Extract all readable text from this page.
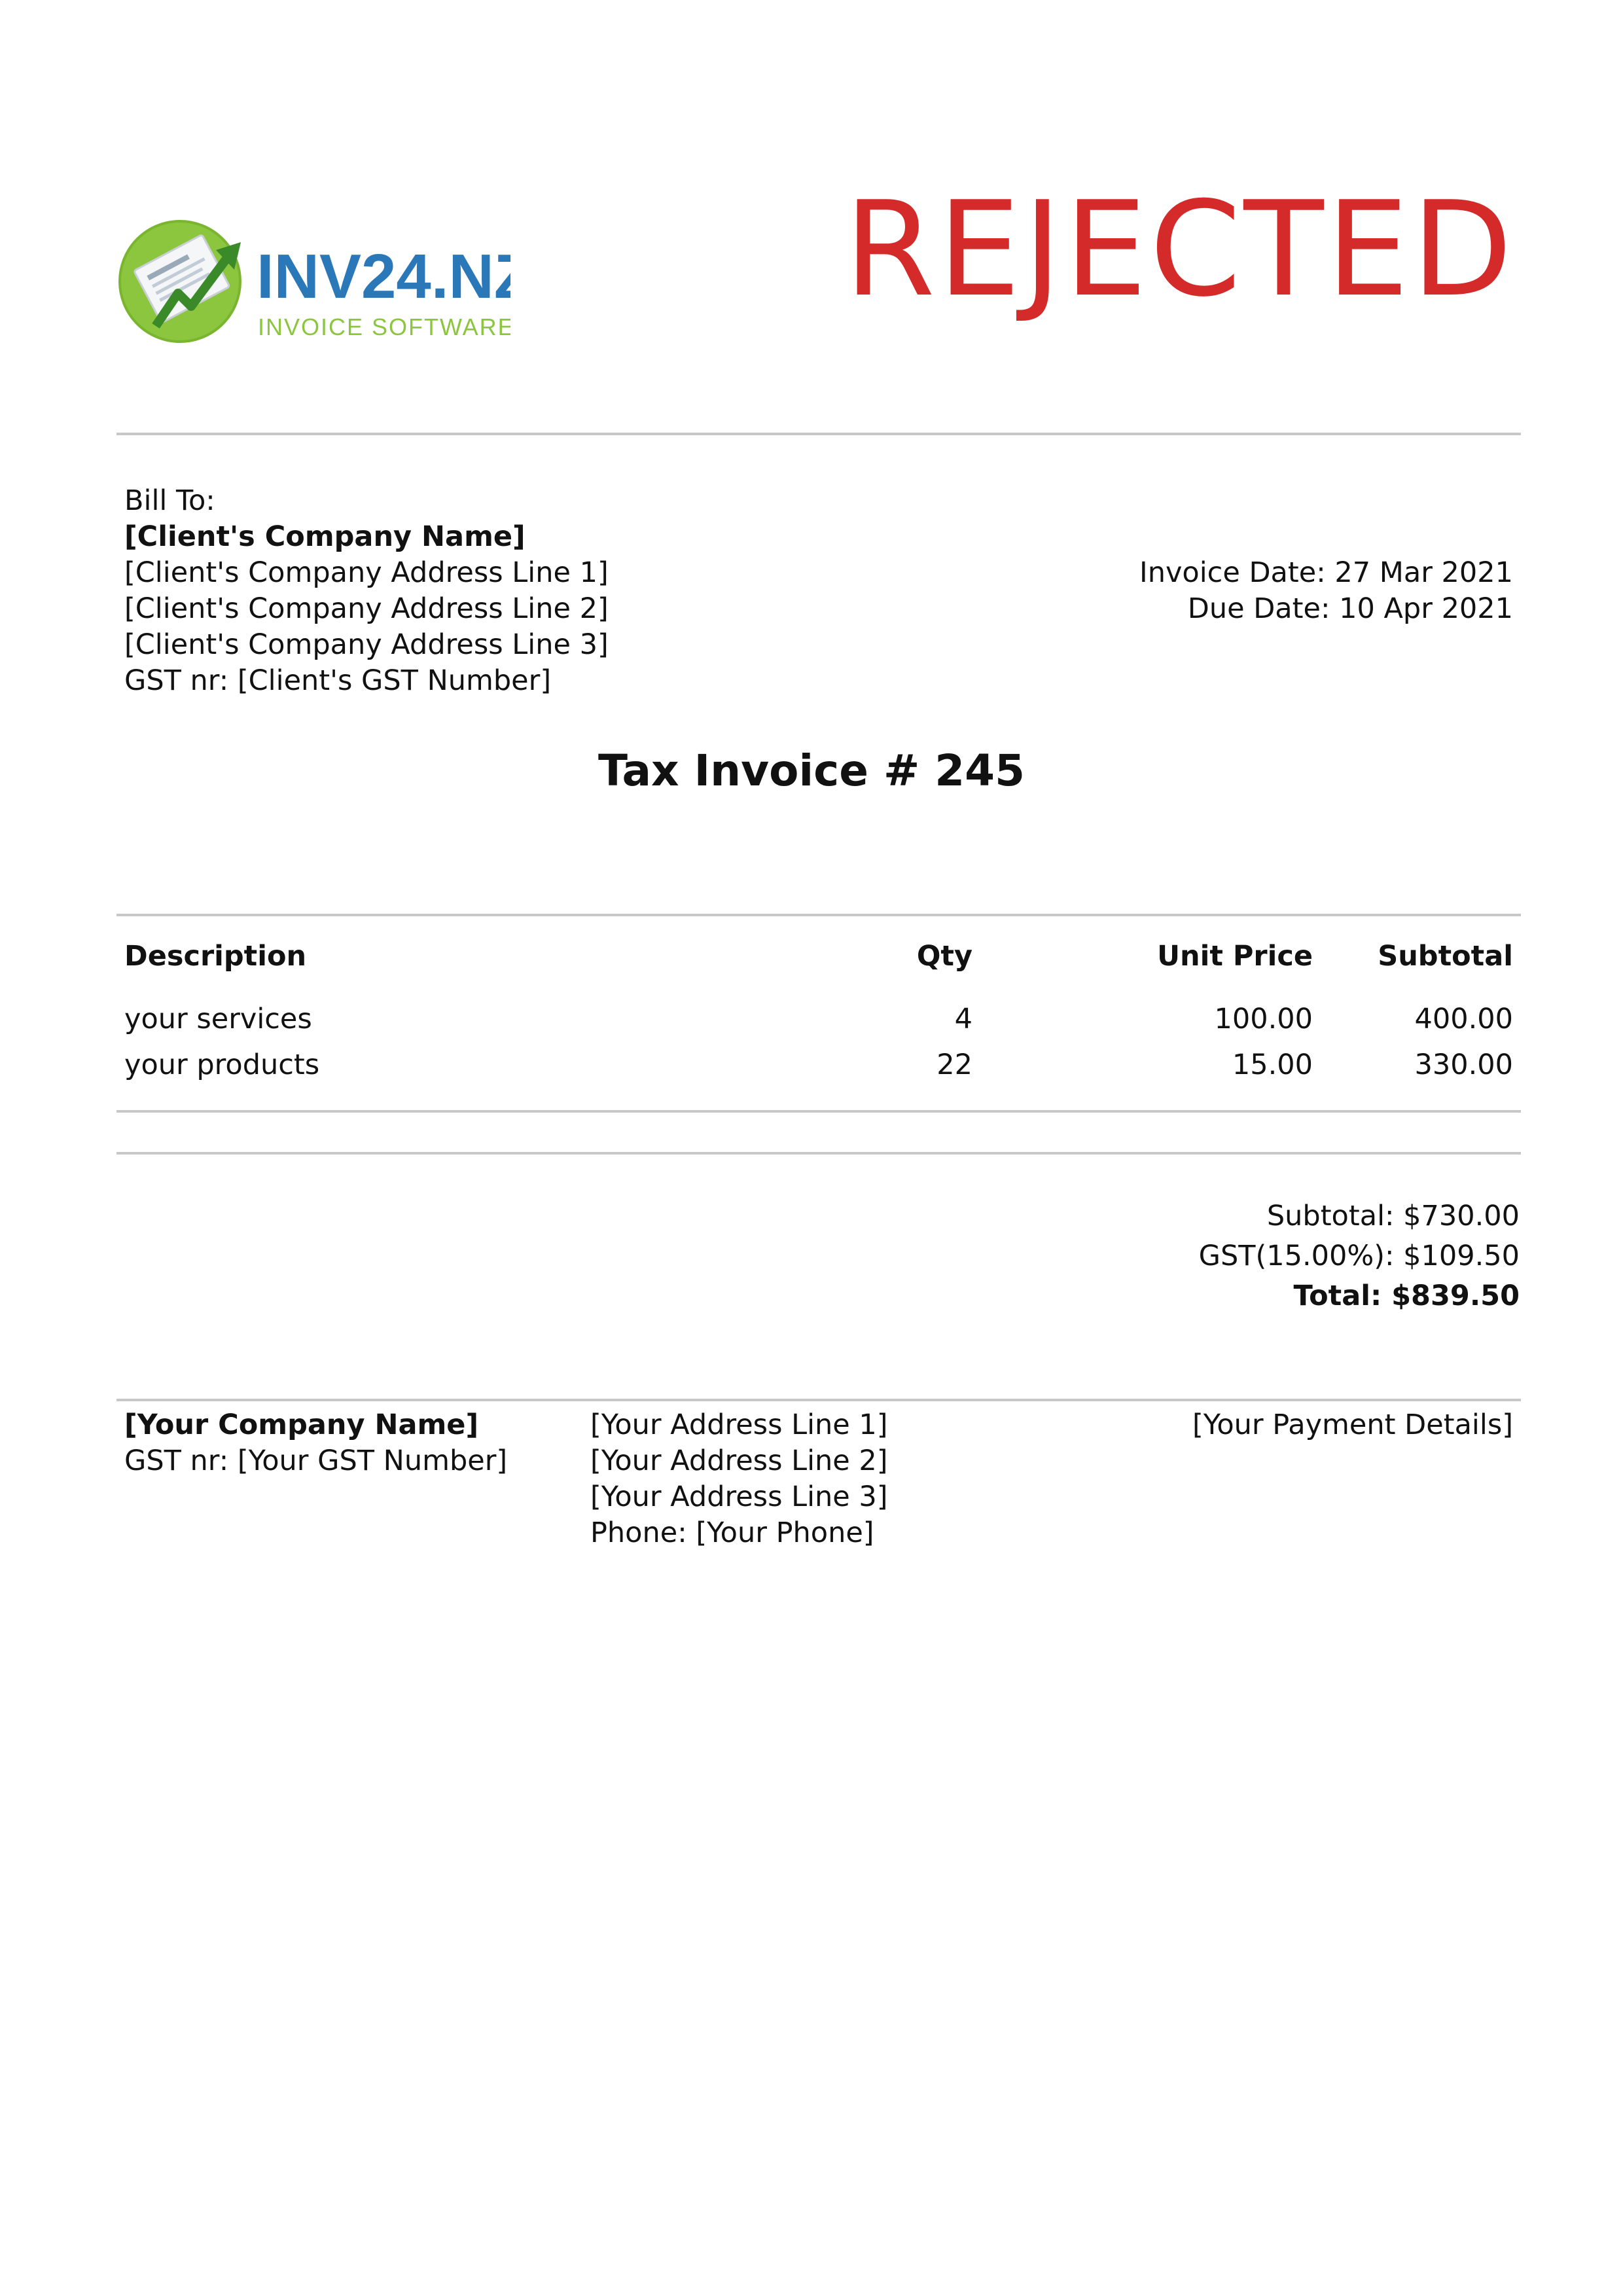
INV24.NZ
INVOICE SOFTWARE
REJECTED
Bill To:
[Client's Company Name]
[Client's Company Address Line 1]
[Client's Company Address Line 2]
[Client's Company Address Line 3]
GST nr: [Client's GST Number]
Invoice Date: 27 Mar 2021
Due Date: 10 Apr 2021
Tax Invoice # 245
Description	Qty	Unit Price	Subtotal
your services	4	100.00	400.00
your products	22	15.00	330.00
Subtotal: $730.00
GST(15.00%): $109.50
Total: $839.50
[Your Company Name]
GST nr: [Your GST Number]
[Your Address Line 1]
[Your Address Line 2]
[Your Address Line 3]
Phone: [Your Phone]
[Your Payment Details]
